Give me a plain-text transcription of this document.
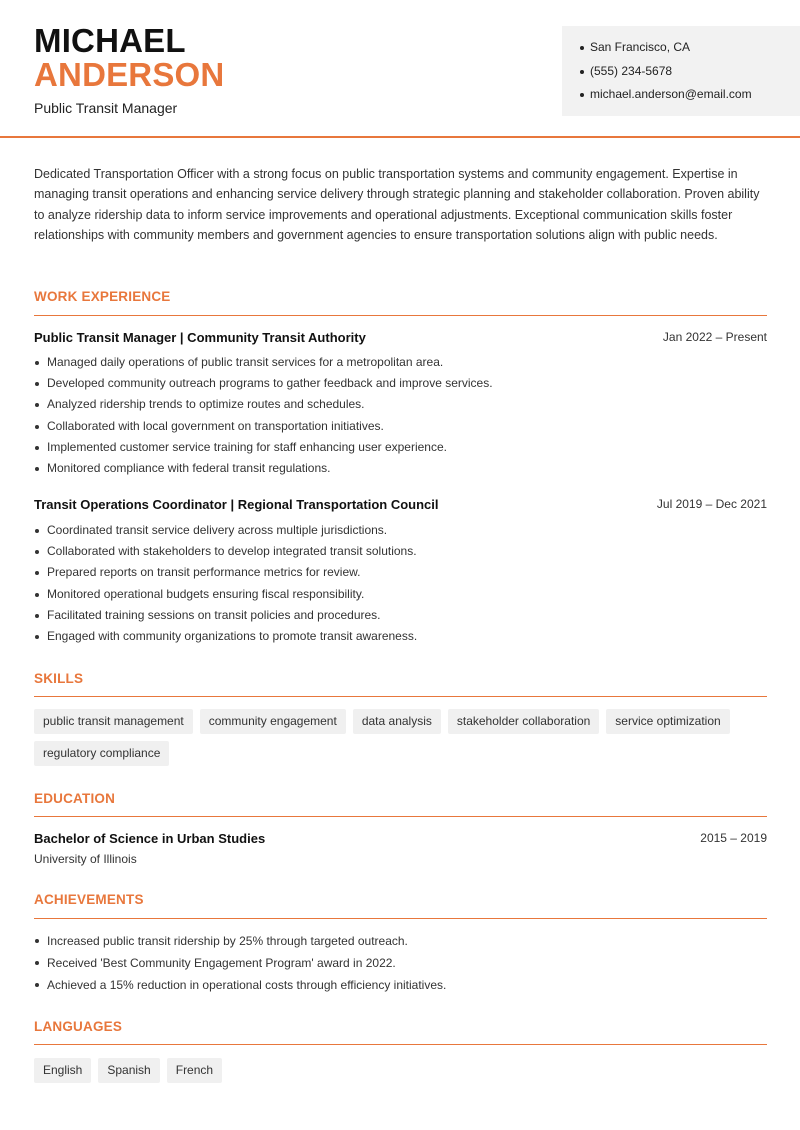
MICHAEL
ANDERSON
Public Transit Manager
San Francisco, CA
(555) 234-5678
michael.anderson@email.com

Dedicated Transportation Officer with a strong focus on public transportation systems and community engagement. Expertise in managing transit operations and enhancing service delivery through strategic planning and stakeholder collaboration. Proven ability to analyze ridership data to inform service improvements and operational adjustments. Exceptional communication skills foster relationships with community members and government agencies to ensure transportation solutions align with public needs.

WORK EXPERIENCE
Public Transit Manager | Community Transit Authority	Jan 2022 – Present
Managed daily operations of public transit services for a metropolitan area.
Developed community outreach programs to gather feedback and improve services.
Analyzed ridership trends to optimize routes and schedules.
Collaborated with local government on transportation initiatives.
Implemented customer service training for staff enhancing user experience.
Monitored compliance with federal transit regulations.
Transit Operations Coordinator | Regional Transportation Council	Jul 2019 – Dec 2021
Coordinated transit service delivery across multiple jurisdictions.
Collaborated with stakeholders to develop integrated transit solutions.
Prepared reports on transit performance metrics for review.
Monitored operational budgets ensuring fiscal responsibility.
Facilitated training sessions on transit policies and procedures.
Engaged with community organizations to promote transit awareness.
SKILLS
public transit management	community engagement	data analysis	stakeholder collaboration	service optimization
regulatory compliance
EDUCATION
Bachelor of Science in Urban Studies	2015 – 2019
University of Illinois
ACHIEVEMENTS
Increased public transit ridership by 25% through targeted outreach.
Received 'Best Community Engagement Program' award in 2022.
Achieved a 15% reduction in operational costs through efficiency initiatives.
LANGUAGES
English	Spanish	French
